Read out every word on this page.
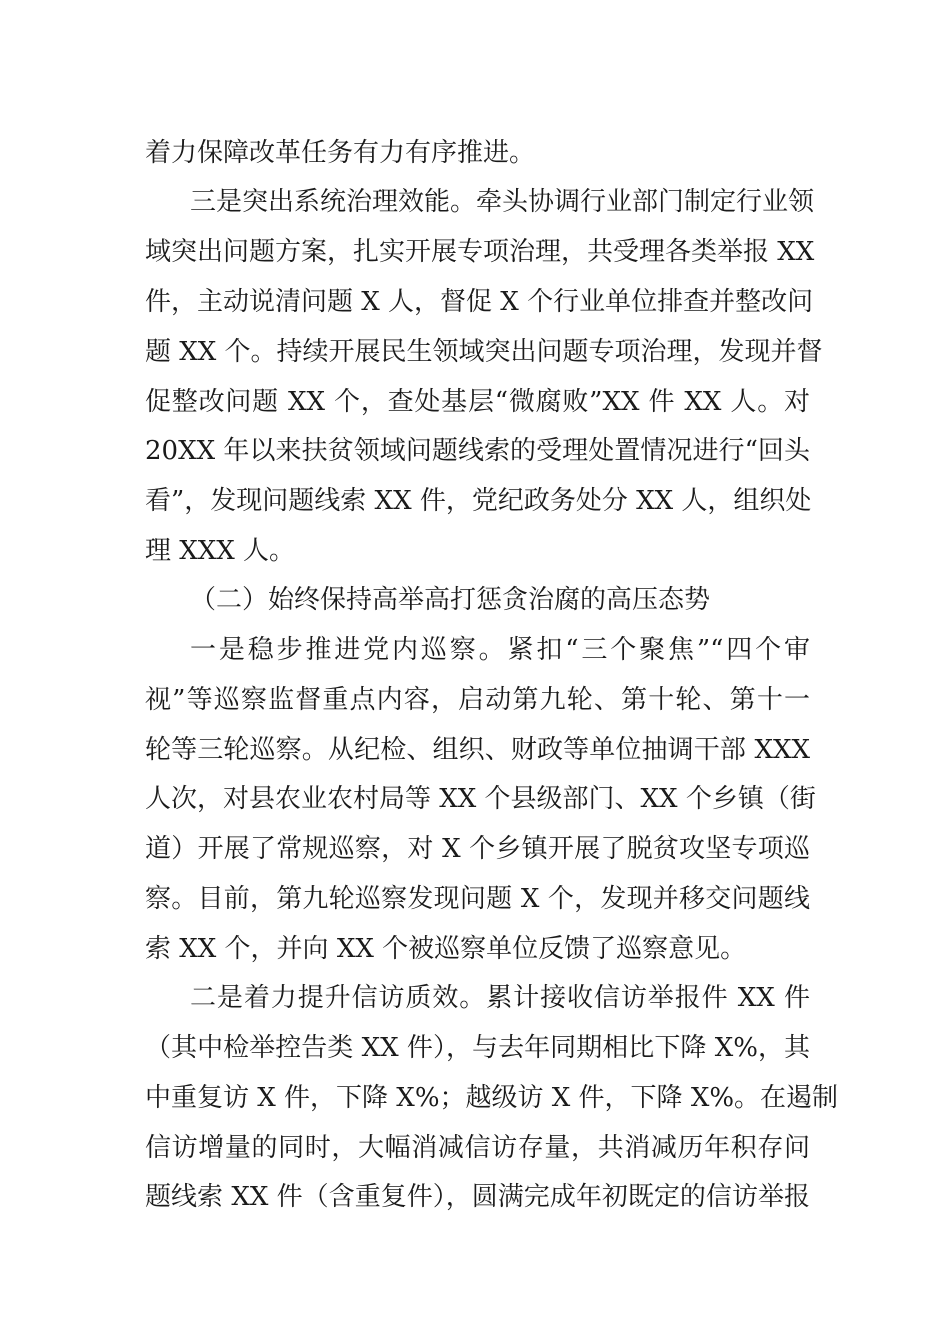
着力保障改革任务有力有序推进。
三是突出系统治理效能。牵头协调行业部门制定行业领
域突出问题方案，扎实开展专项治理，共受理各类举报 XX
件，主动说清问题 X 人，督促 X 个行业单位排查并整改问
题 XX 个。持续开展民生领域突出问题专项治理，发现并督
促整改问题 XX 个，查处基层“微腐败”XX 件 XX 人。对
20XX 年以来扶贫领域问题线索的受理处置情况进行“回头
看”，发现问题线索 XX 件，党纪政务处分 XX 人，组织处
理 XXX 人。
（二）始终保持高举高打惩贪治腐的高压态势
一是稳步推进党内巡察。紧扣“三个聚焦”“四个审
视”等巡察监督重点内容，启动第九轮、第十轮、第十一
轮等三轮巡察。从纪检、组织、财政等单位抽调干部 XXX
人次，对县农业农村局等 XX 个县级部门、XX 个乡镇（街
道）开展了常规巡察，对 X 个乡镇开展了脱贫攻坚专项巡
察。目前，第九轮巡察发现问题 X 个，发现并移交问题线
索 XX 个，并向 XX 个被巡察单位反馈了巡察意见。
二是着力提升信访质效。累计接收信访举报件 XX 件
（其中检举控告类 XX 件），与去年同期相比下降 X%，其
中重复访 X 件，下降 X%；越级访 X 件，下降 X%。在遏制
信访增量的同时，大幅消减信访存量，共消减历年积存问
题线索 XX 件（含重复件），圆满完成年初既定的信访举报
